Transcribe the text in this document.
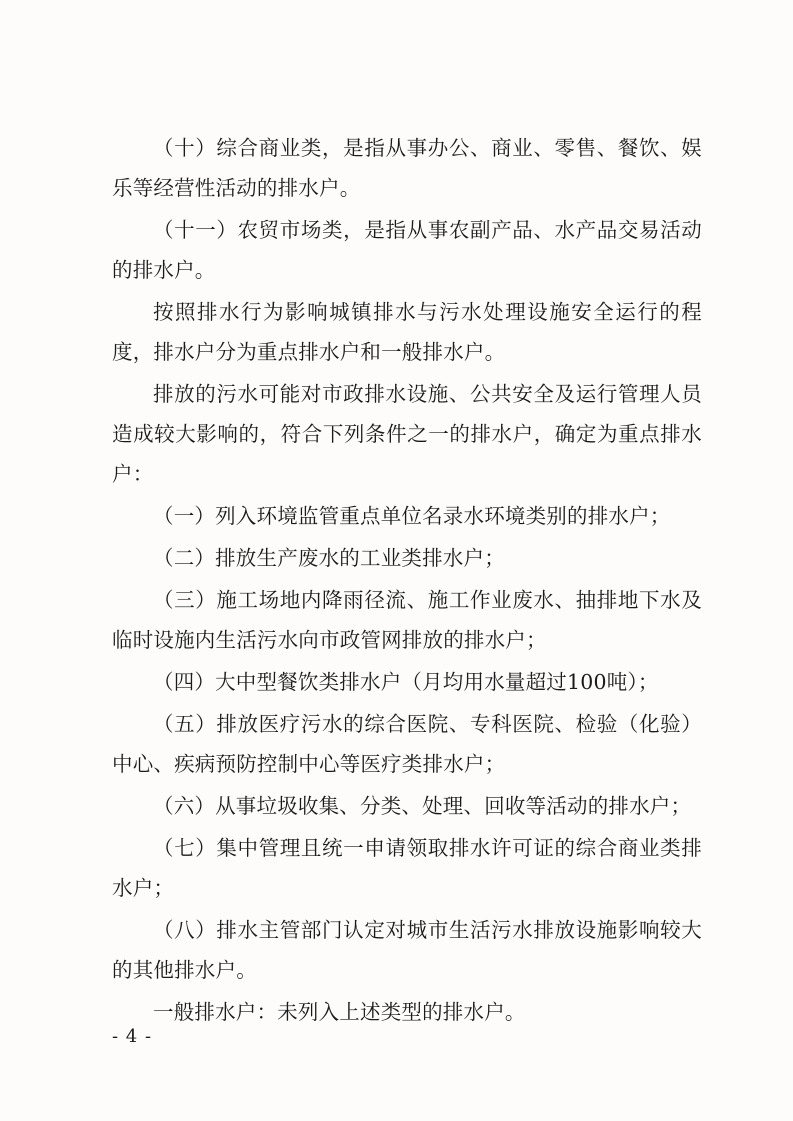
（十）综合商业类，是指从事办公、商业、零售、餐饮、娱乐等经营性活动的排水户。

（十一）农贸市场类，是指从事农副产品、水产品交易活动的排水户。

按照排水行为影响城镇排水与污水处理设施安全运行的程度，排水户分为重点排水户和一般排水户。

排放的污水可能对市政排水设施、公共安全及运行管理人员造成较大影响的，符合下列条件之一的排水户，确定为重点排水户：

（一）列入环境监管重点单位名录水环境类别的排水户；

（二）排放生产废水的工业类排水户；

（三）施工场地内降雨径流、施工作业废水、抽排地下水及临时设施内生活污水向市政管网排放的排水户；

（四）大中型餐饮类排水户（月均用水量超过100吨）；

（五）排放医疗污水的综合医院、专科医院、检验（化验）中心、疾病预防控制中心等医疗类排水户；

（六）从事垃圾收集、分类、处理、回收等活动的排水户；

（七）集中管理且统一申请领取排水许可证的综合商业类排水户；

（八）排水主管部门认定对城市生活污水排放设施影响较大的其他排水户。

一般排水户：未列入上述类型的排水户。

- 4 -
